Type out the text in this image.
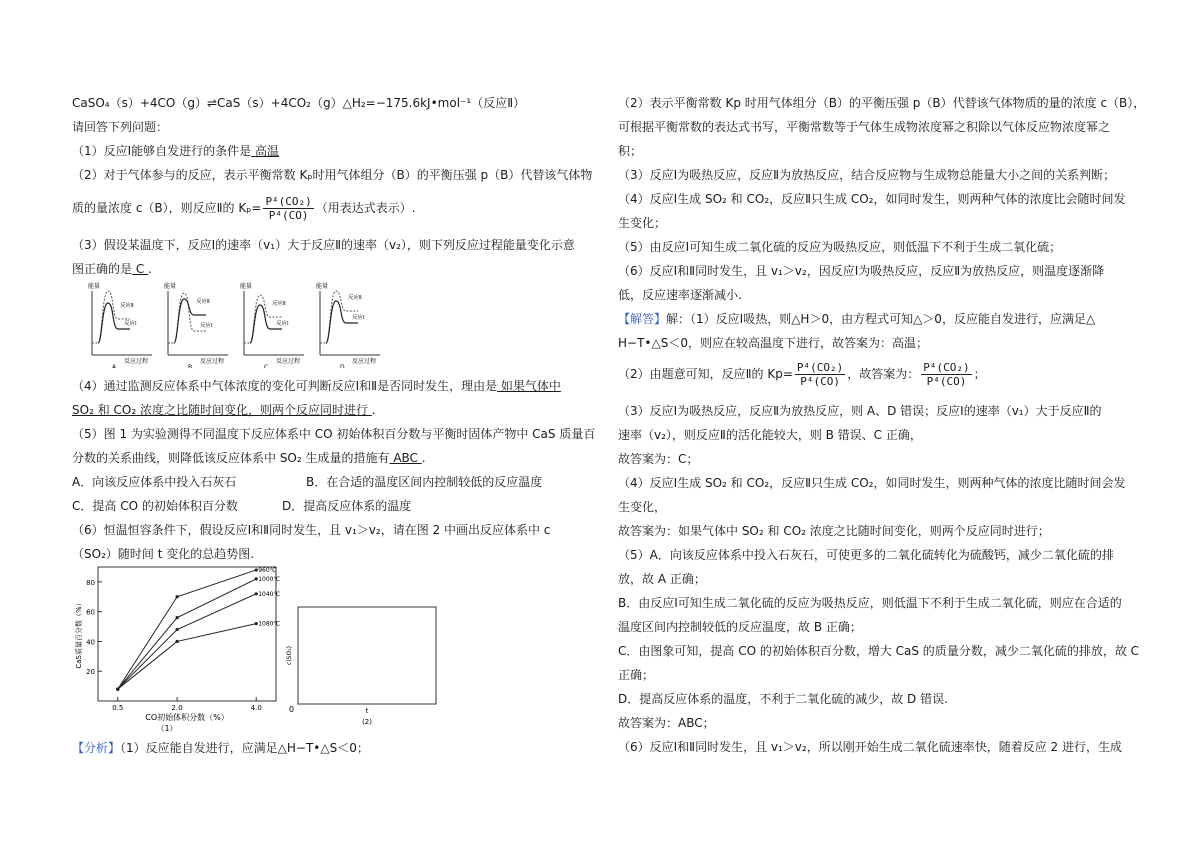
CaSO₄（s）+4CO（g）⇌CaS（s）+4CO₂（g）△H₂=−175.6kJ•mol⁻¹（反应Ⅱ）
请回答下列问题：
（1）反应Ⅰ能够自发进行的条件是 高温
（2）对于气体参与的反应，表示平衡常数 Kₚ时用气体组分（B）的平衡压强 p（B）代替该气体物
质的量浓度 c（B），则反应Ⅱ的 $K_p= \frac{\text{P⁴(CO₂)}}{\text{P⁴(CO)}}$ （用表达式表示）.
（3）假设某温度下，反应Ⅰ的速率（v₁）大于反应Ⅱ的速率（v₂），则下列反应过程能量变化示意
图正确的是 C .
能量
反应过程
A
反应Ⅱ
反应Ⅰ
能量
反应过程
B
反应Ⅱ
反应Ⅰ
能量
反应过程
C
反应Ⅱ
反应Ⅰ
能量
反应过程
D
反应Ⅱ
反应Ⅰ
（4）通过监测反应体系中气体浓度的变化可判断反应Ⅰ和Ⅱ是否同时发生，理由是 如果气体中
SO₂ 和 CO₂ 浓度之比随时间变化，则两个反应同时进行 .
（5）图 1 为实验测得不同温度下反应体系中 CO 初始体积百分数与平衡时固体产物中 CaS 质量百
分数的关系曲线，则降低该反应体系中 SO₂ 生成量的措施有 ABC .
A．向该反应体系中投入石灰石	B．在合适的温度区间内控制较低的反应温度
C．提高 CO 的初始体积百分数	D．提高反应体系的温度
（6）恒温恒容条件下，假设反应Ⅰ和Ⅱ同时发生，且 v₁＞v₂，请在图 2 中画出反应体系中 c
（SO₂）随时间 t 变化的总趋势图.
20
40
60
80
0.5	2.0	4.0
CO初始体积分数（%）
（1）
CaS质量百分数（%）
960℃
1000℃
1040℃
1080℃
0	t
(2)
c(SO₂)
【分析】（1）反应能自发进行，应满足△H−T•△S＜0；
（2）表示平衡常数 Kp 时用气体组分（B）的平衡压强 p（B）代替该气体物质的量的浓度 c（B），
可根据平衡常数的表达式书写，平衡常数等于气体生成物浓度幂之积除以气体反应物浓度幂之
积；
（3）反应Ⅰ为吸热反应，反应Ⅱ为放热反应，结合反应物与生成物总能量大小之间的关系判断；
（4）反应Ⅰ生成 SO₂ 和 CO₂，反应Ⅱ只生成 CO₂，如同时发生，则两种气体的浓度比会随时间发
生变化；
（5）由反应Ⅰ可知生成二氧化硫的反应为吸热反应，则低温下不利于生成二氧化硫；
（6）反应Ⅰ和Ⅱ同时发生，且 v₁＞v₂，因反应Ⅰ为吸热反应，反应Ⅱ为放热反应，则温度逐渐降
低，反应速率逐渐减小.
【解答】解：（1）反应Ⅰ吸热，则△H＞0，由方程式可知△＞0，反应能自发进行，应满足△
H−T•△S＜0，则应在较高温度下进行，故答案为：高温；
（2）由题意可知，反应Ⅱ的 $Kp= \frac{\text{P⁴(CO₂)}}{\text{P⁴(CO)}}$ ，故答案为： $\frac{\text{P⁴(CO₂)}}{\text{P⁴(CO)}}$ ；
（3）反应Ⅰ为吸热反应，反应Ⅱ为放热反应，则 A、D 错误；反应Ⅰ的速率（v₁）大于反应Ⅱ的
速率（v₂），则反应Ⅱ的活化能较大，则 B 错误、C 正确，
故答案为：C；
（4）反应Ⅰ生成 SO₂ 和 CO₂，反应Ⅱ只生成 CO₂，如同时发生，则两种气体的浓度比随时间会发
生变化，
故答案为：如果气体中 SO₂ 和 CO₂ 浓度之比随时间变化，则两个反应同时进行；
（5）A．向该反应体系中投入石灰石，可使更多的二氧化硫转化为硫酸钙，减少二氧化硫的排
放，故 A 正确；
B．由反应Ⅰ可知生成二氧化硫的反应为吸热反应，则低温下不利于生成二氧化硫，则应在合适的
温度区间内控制较低的反应温度，故 B 正确；
C．由图象可知，提高 CO 的初始体积百分数，增大 CaS 的质量分数，减少二氧化硫的排放，故 C
正确；
D．提高反应体系的温度，不利于二氧化硫的减少，故 D 错误.
故答案为：ABC；
（6）反应Ⅰ和Ⅱ同时发生，且 v₁＞v₂，所以刚开始生成二氧化硫速率快，随着反应 2 进行，生成
